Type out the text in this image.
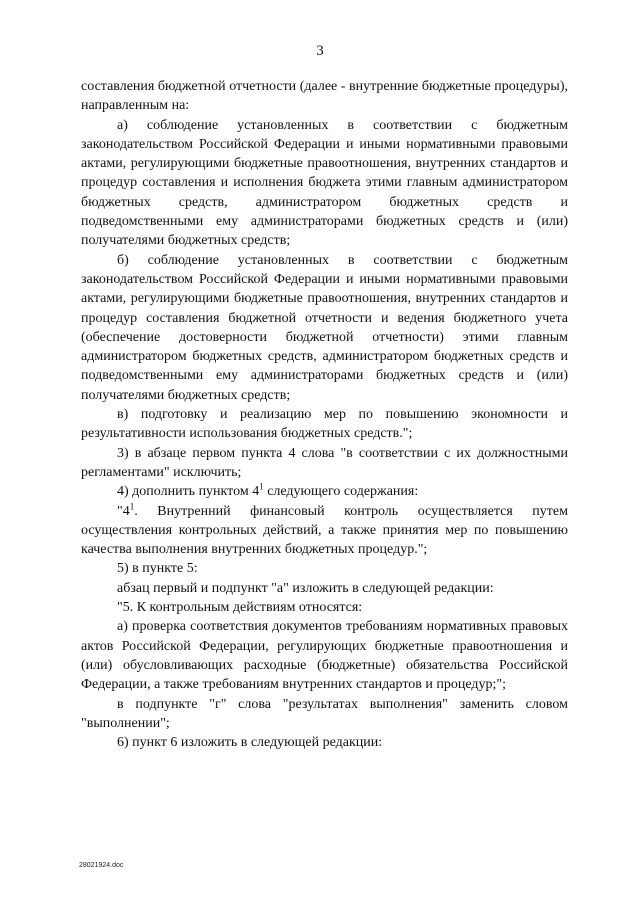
3

составления бюджетной отчетности (далее - внутренние бюджетные процедуры), направленным на:

а) соблюдение установленных в соответствии с бюджетным законодательством Российской Федерации и иными нормативными правовыми актами, регулирующими бюджетные правоотношения, внутренних стандартов и процедур составления и исполнения бюджета этими главным администратором бюджетных средств, администратором бюджетных средств и подведомственными ему администраторами бюджетных средств и (или) получателями бюджетных средств;

б) соблюдение установленных в соответствии с бюджетным законодательством Российской Федерации и иными нормативными правовыми актами, регулирующими бюджетные правоотношения, внутренних стандартов и процедур составления бюджетной отчетности и ведения бюджетного учета (обеспечение достоверности бюджетной отчетности) этими главным администратором бюджетных средств, администратором бюджетных средств и подведомственными ему администраторами бюджетных средств и (или) получателями бюджетных средств;

в) подготовку и реализацию мер по повышению экономности и результативности использования бюджетных средств.";

3) в абзаце первом пункта 4 слова "в соответствии с их должностными регламентами" исключить;

4) дополнить пунктом $4^1$ следующего содержания:

"$4^1$. Внутренний финансовый контроль осуществляется путем осуществления контрольных действий, а также принятия мер по повышению качества выполнения внутренних бюджетных процедур.";

5) в пункте 5:

абзац первый и подпункт "а" изложить в следующей редакции:

"5. К контрольным действиям относятся:

а) проверка соответствия документов требованиям нормативных правовых актов Российской Федерации, регулирующих бюджетные правоотношения и (или) обусловливающих расходные (бюджетные) обязательства Российской Федерации, а также требованиям внутренних стандартов и процедур;";

в подпункте "г" слова "результатах выполнения" заменить словом "выполнении";

6) пункт 6 изложить в следующей редакции:

28021924.doc
